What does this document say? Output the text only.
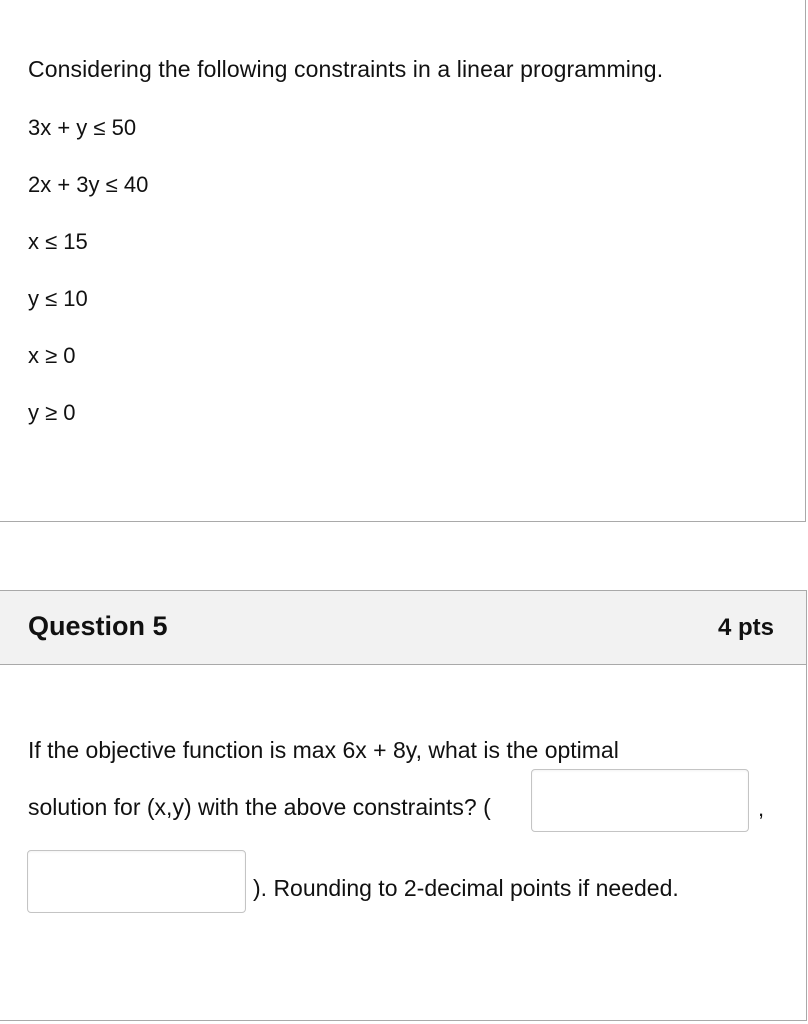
Considering the following constraints in a linear programming.
3x + y ≤ 50
2x + 3y ≤ 40
x ≤ 15
y ≤ 10
x ≥ 0
y ≥ 0
Question 5	4 pts
If the objective function is max 6x + 8y, what is the optimal
solution for (x,y) with the above constraints? (	,
). Rounding to 2-decimal points if needed.
